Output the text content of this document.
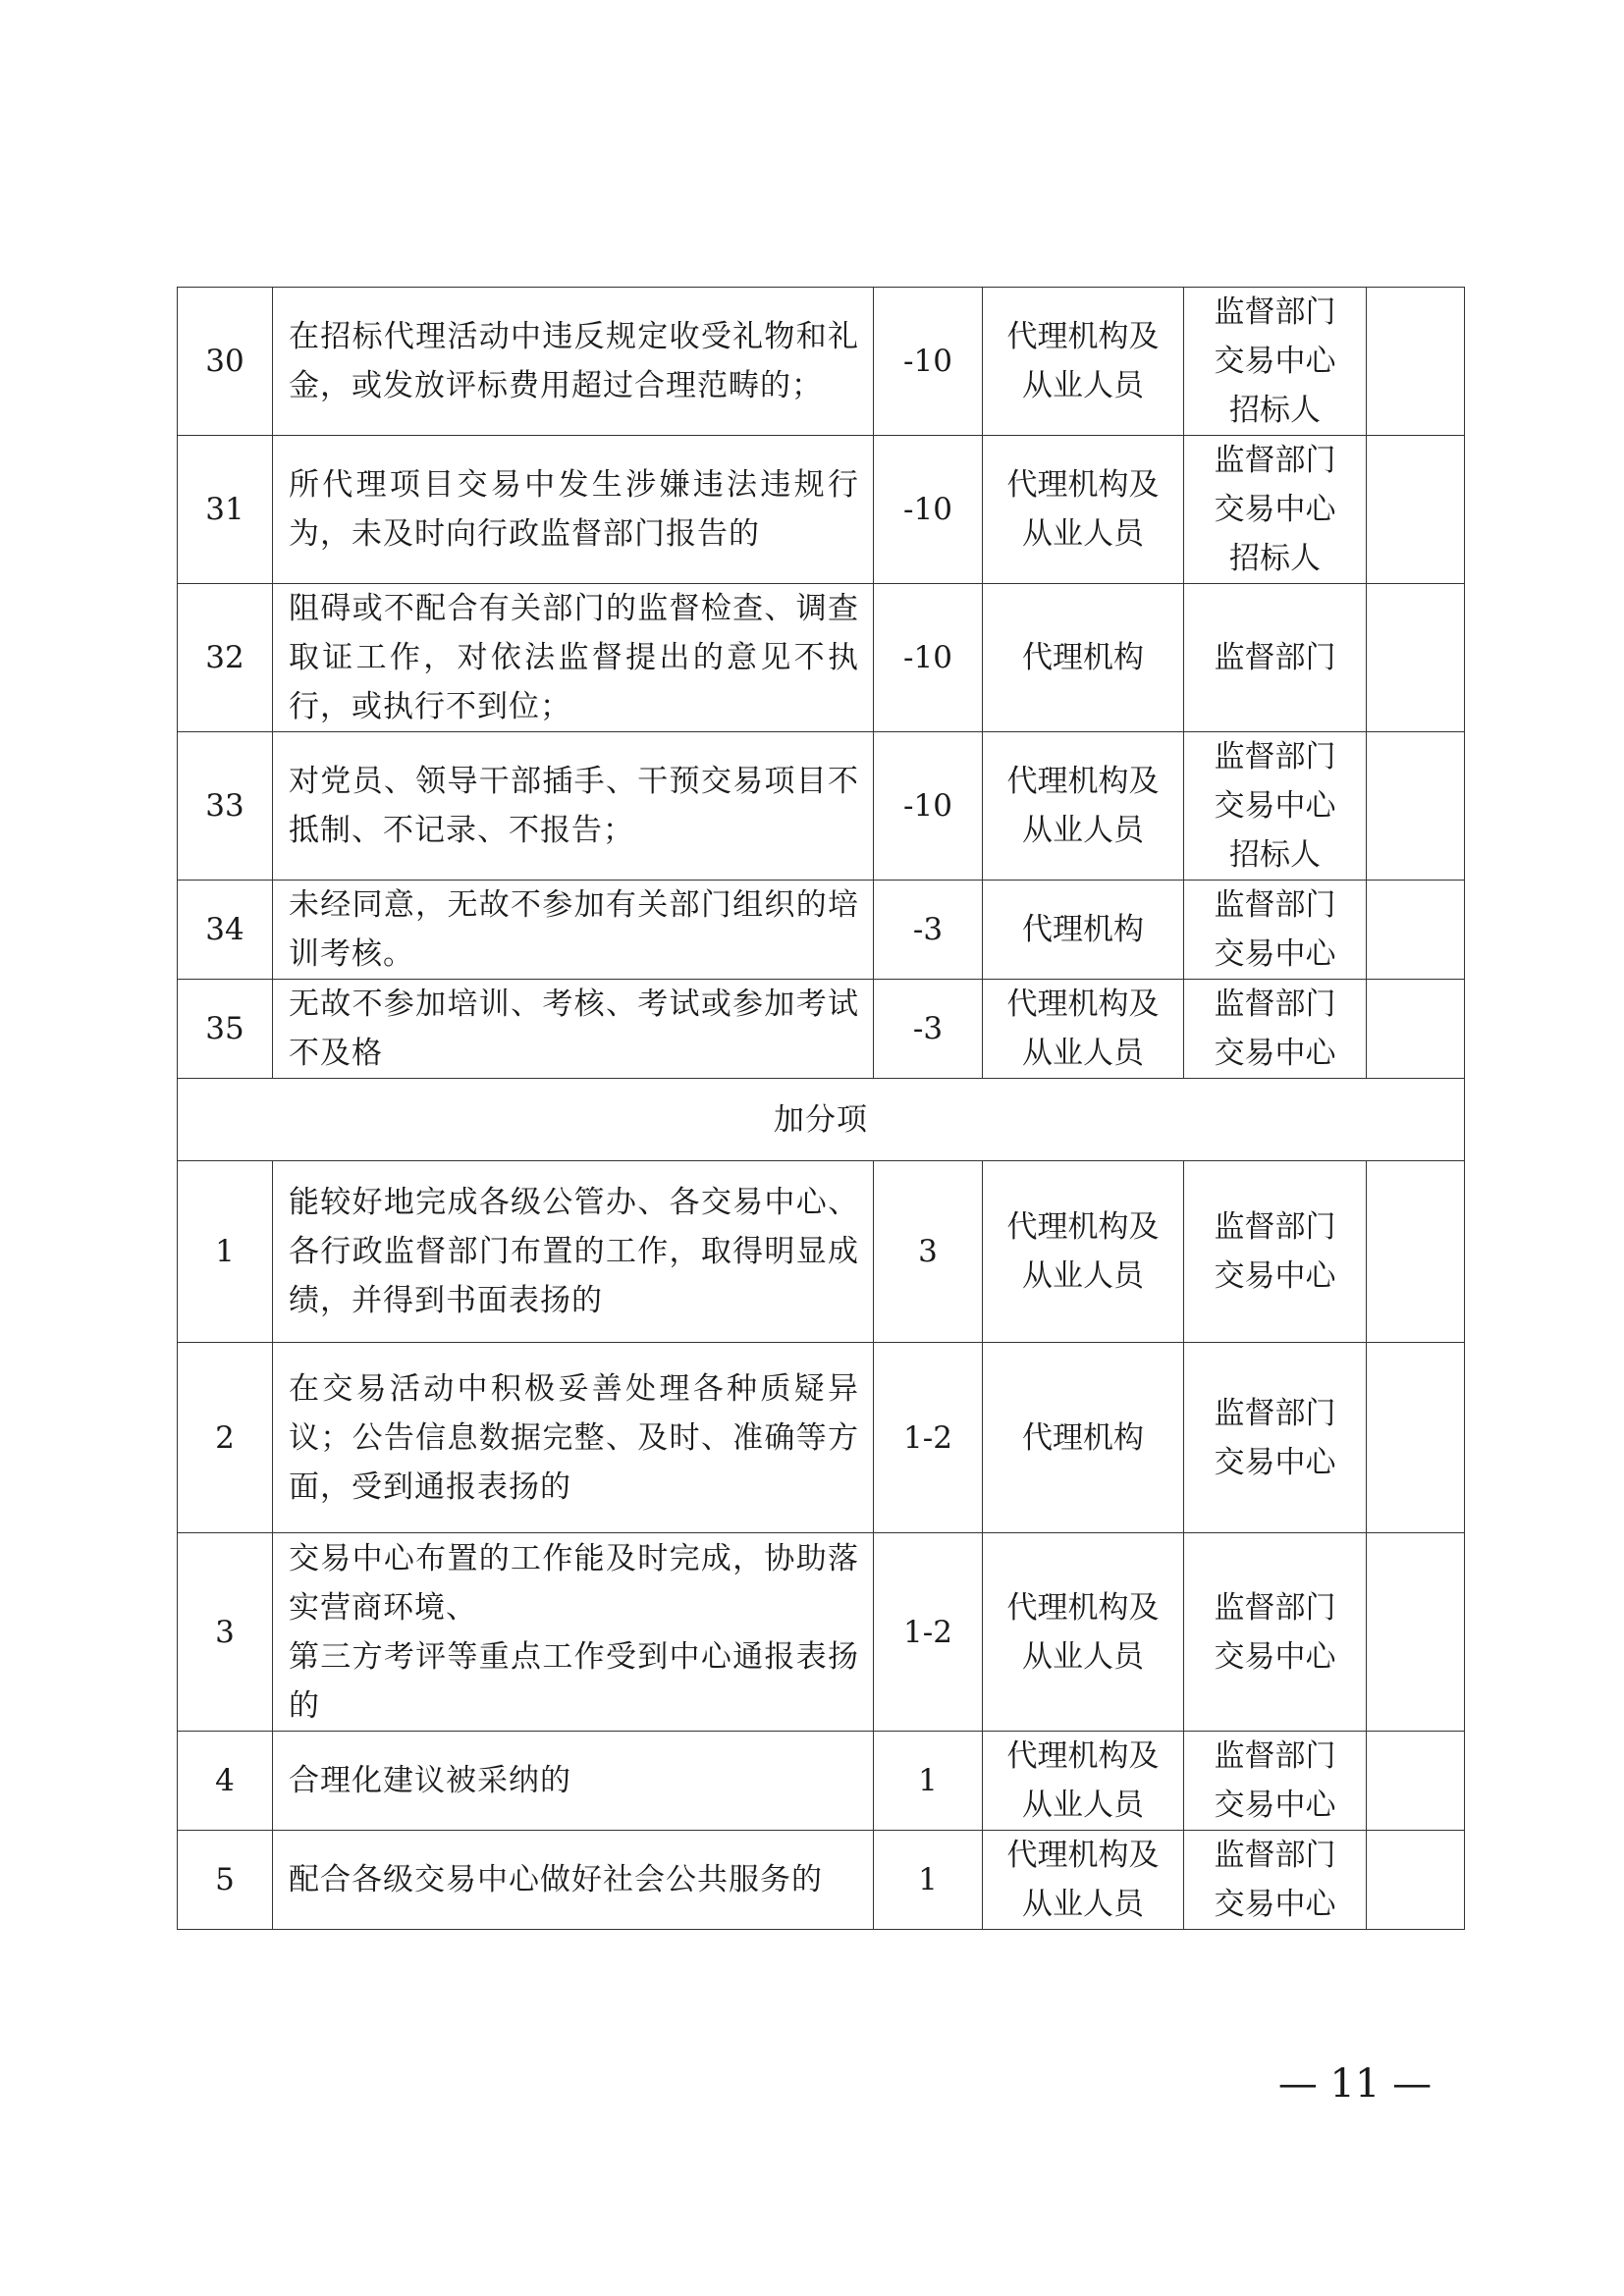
30	在招标代理活动中违反规定收受礼物和礼金，或发放评标费用超过合理范畴的；	-10	代理机构及
从业人员	监督部门
交易中心
招标人	

31	所代理项目交易中发生涉嫌违法违规行为，未及时向行政监督部门报告的	-10	代理机构及
从业人员	监督部门
交易中心
招标人	

32	阻碍或不配合有关部门的监督检查、调查取证工作，对依法监督提出的意见不执行，或执行不到位；	-10	代理机构	监督部门	

33	对党员、领导干部插手、干预交易项目不抵制、不记录、不报告；	-10	代理机构及
从业人员	监督部门
交易中心
招标人	

34	未经同意，无故不参加有关部门组织的培训考核。	-3	代理机构	监督部门
交易中心	

35	无故不参加培训、考核、考试或参加考试不及格	-3	代理机构及
从业人员	监督部门
交易中心	

加分项					
1	能较好地完成各级公管办、各交易中心、各行政监督部门布置的工作，取得明显成绩，并得到书面表扬的	3	代理机构及
从业人员	监督部门
交易中心	

2	在交易活动中积极妥善处理各种质疑异议；公告信息数据完整、及时、准确等方面，受到通报表扬的	1-2	代理机构	监督部门
交易中心	

3	交易中心布置的工作能及时完成，协助落实营商环境、
第三方考评等重点工作受到中心通报表扬的	1-2	代理机构及
从业人员	监督部门
交易中心	

4	合理化建议被采纳的	1	代理机构及
从业人员	监督部门
交易中心	

5	配合各级交易中心做好社会公共服务的	1	代理机构及
从业人员	监督部门
交易中心	

— 11 —
